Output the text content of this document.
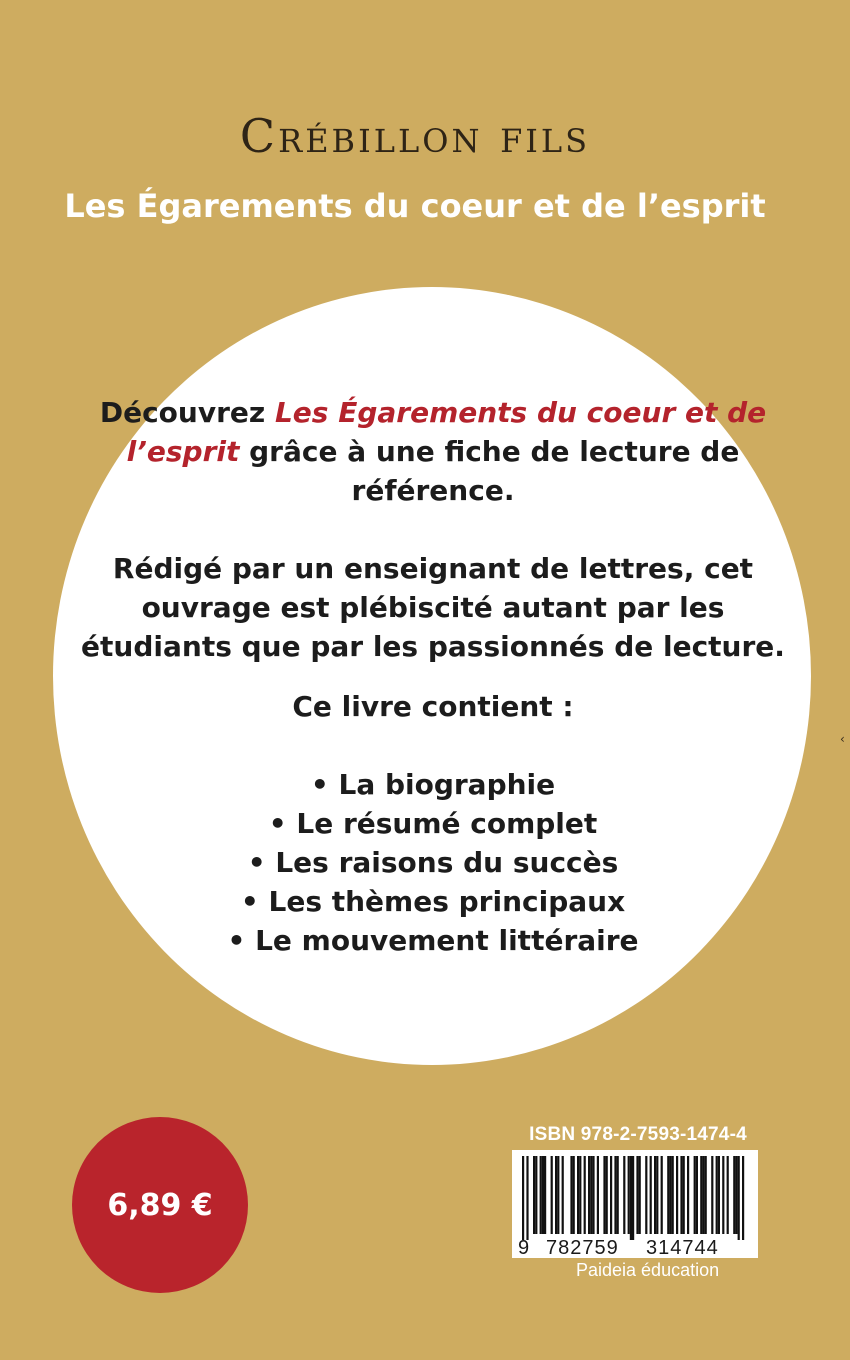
Crébillon fils
Les Égarements du coeur et de l’esprit

Découvrez Les Égarements du coeur et de l’esprit grâce à une fiche de lecture de référence.

Rédigé par un enseignant de lettres, cet ouvrage est plébiscité autant par les étudiants que par les passionnés de lecture.

Ce livre contient :

• La biographie
• Le résumé complet
• Les raisons du succès
• Les thèmes principaux
• Le mouvement littéraire
6,89 €
ISBN 978-2-7593-1474-4

9

782759

314744

Paideia éducation
‹
